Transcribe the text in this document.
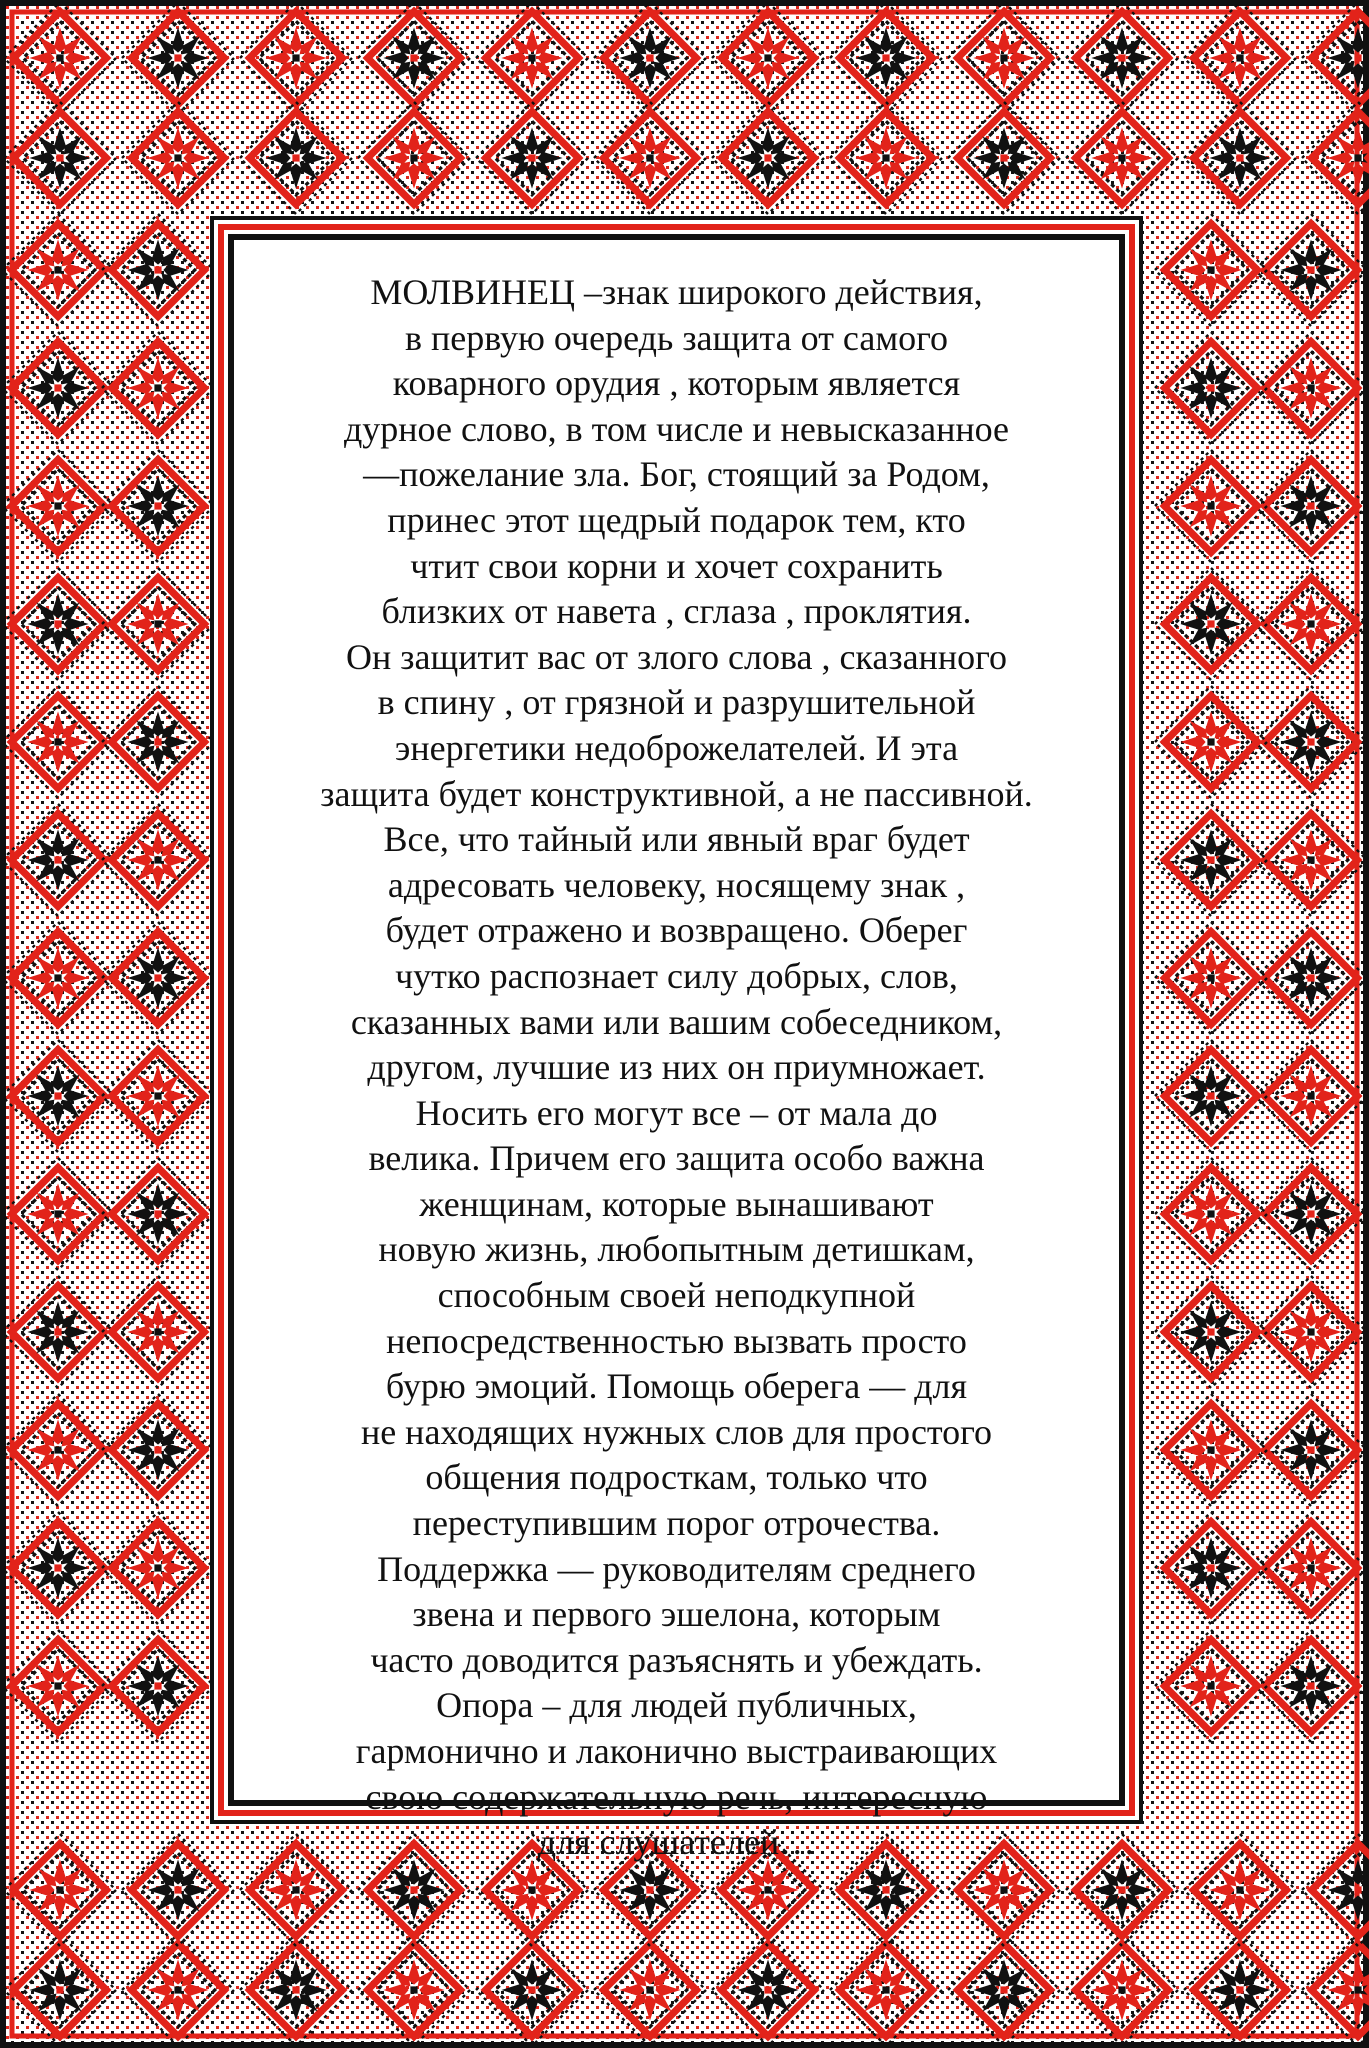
МОЛВИНЕЦ –знак широкого действия,
в первую очередь защита от самого
коварного орудия , которым является
дурное слово, в том числе и невысказанное
—пожелание зла. Бог, стоящий за Родом,
принес этот щедрый подарок тем, кто
чтит свои корни и хочет сохранить
близких от навета , сглаза , проклятия.
Он защитит вас от злого слова , сказанного
в спину , от грязной и разрушительной
энергетики недоброжелателей. И эта
защита будет конструктивной, а не пассивной.
Все, что тайный или явный враг будет
адресовать человеку, носящему знак ,
будет отражено и возвращено. Оберег
чутко распознает силу добрых, слов,
сказанных вами или вашим собеседником,
другом, лучшие из них он приумножает.
Носить его могут все – от мала до
велика. Причем его защита особо важна
женщинам, которые вынашивают
новую жизнь, любопытным детишкам,
способным своей неподкупной
непосредственностью вызвать просто
бурю эмоций. Помощь оберега — для
не находящих нужных слов для простого
общения подросткам, только что
переступившим порог отрочества.
Поддержка — руководителям среднего
звена и первого эшелона, которым
часто доводится разъяснять и убеждать.
Опора – для людей публичных,
гармонично и лаконично выстраивающих
свою содержательную речь, интересную
для слушателей…
